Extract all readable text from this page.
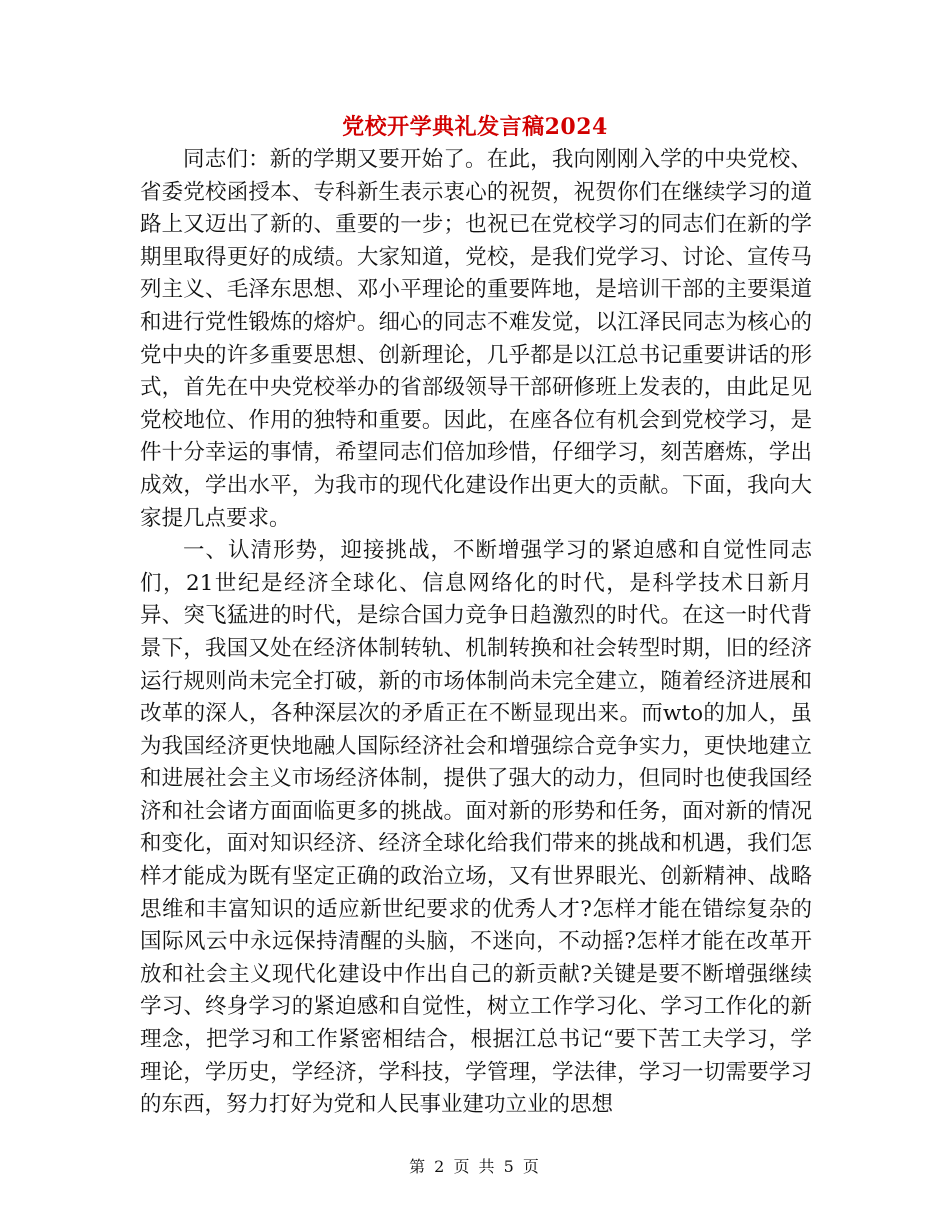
党校开学典礼发言稿2024

同志们：新的学期又要开始了。在此，我向刚刚入学的中央党校、省委党校函授本、专科新生表示衷心的祝贺，祝贺你们在继续学习的道路上又迈出了新的、重要的一步；也祝已在党校学习的同志们在新的学期里取得更好的成绩。大家知道，党校，是我们党学习、讨论、宣传马列主义、毛泽东思想、邓小平理论的重要阵地，是培训干部的主要渠道和进行党性锻炼的熔炉。细心的同志不难发觉，以江泽民同志为核心的党中央的许多重要思想、创新理论，几乎都是以江总书记重要讲话的形式，首先在中央党校举办的省部级领导干部研修班上发表的，由此足见党校地位、作用的独特和重要。因此，在座各位有机会到党校学习，是件十分幸运的事情，希望同志们倍加珍惜，仔细学习，刻苦磨炼，学出成效，学出水平，为我市的现代化建设作出更大的贡献。下面，我向大家提几点要求。

一、认清形势，迎接挑战，不断增强学习的紧迫感和自觉性同志们，21世纪是经济全球化、信息网络化的时代，是科学技术日新月异、突飞猛进的时代，是综合国力竞争日趋激烈的时代。在这一时代背景下，我国又处在经济体制转轨、机制转换和社会转型时期，旧的经济运行规则尚未完全打破，新的市场体制尚未完全建立，随着经济进展和改革的深人，各种深层次的矛盾正在不断显现出来。而wto的加人，虽为我国经济更快地融人国际经济社会和增强综合竞争实力，更快地建立和进展社会主义市场经济体制，提供了强大的动力，但同时也使我国经济和社会诸方面面临更多的挑战。面对新的形势和任务，面对新的情况和变化，面对知识经济、经济全球化给我们带来的挑战和机遇，我们怎样才能成为既有坚定正确的政治立场，又有世界眼光、创新精神、战略思维和丰富知识的适应新世纪要求的优秀人才?怎样才能在错综复杂的国际风云中永远保持清醒的头脑，不迷向，不动摇?怎样才能在改革开放和社会主义现代化建设中作出自己的新贡献?关键是要不断增强继续学习、终身学习的紧迫感和自觉性，树立工作学习化、学习工作化的新理念，把学习和工作紧密相结合，根据江总书记“要下苦工夫学习，学理论，学历史，学经济，学科技，学管理，学法律，学习一切需要学习的东西，努力打好为党和人民事业建功立业的思想

第 2 页 共 5 页
